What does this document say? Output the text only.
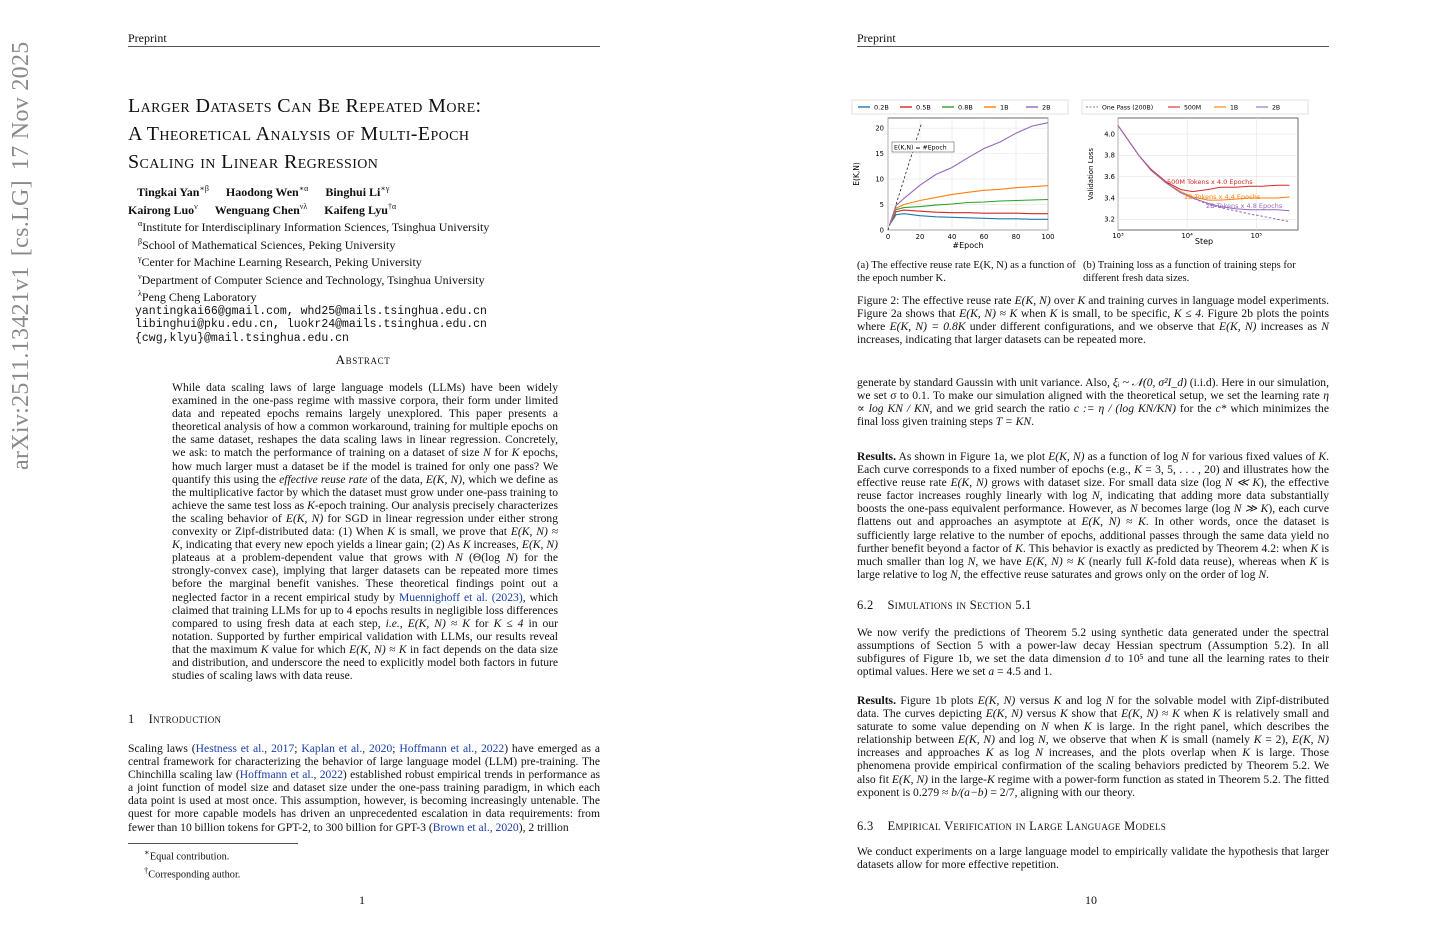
Preprint
arXiv:2511.13421v1[cs.LG]17 Nov 2025	Larger Datasets Can Be Repeated More:
A Theoretical Analysis of Multi-Epoch
Scaling in Linear Regression
Tingkai Yan$^{∗\beta}$ Haodong Wen$^{∗\alpha}$ Binghui $Li^{∗\gamma}$
Kairong Luo$^\nu$ Wenguang Chen$^{\nu\lambda}$ Kaifeng Lyu$^{\dagger\alpha}$
$^\alpha$Institute for Interdisciplinary Information Sciences, Tsinghua University
$^\beta$School of Mathematical Sciences, Peking University
$^\gamma$Center for Machine Learning Research, Peking University
$^\nu$Department of Computer Science and Technology, Tsinghua University
$^\lambda$Peng Cheng Laboratory
yantingkai66@gmail.com, whd25@mails.tsinghua.edu.cn
libinghui@pku.edu.cn, luokr24@mails.tsinghua.edu.cn
{cwg,klyu}@mail.tsinghua.edu.cn
Abstract
While data scaling laws of large language models (LLMs) have been widely examined in the one-pass regime with massive corpora, their form under limited data and repeated epochs remains largely unexplored. This paper presents a theoretical analysis of how a common workaround, training for multiple epochs on the same dataset, reshapes the data scaling laws in linear regression. Concretely, we ask: to match the performance of training on a dataset of size N for K epochs, how much larger must a dataset be if the model is trained for only one pass? We quantify this using the effective reuse rate of the data, E(K, N), which we define as the multiplicative factor by which the dataset must grow under one-pass training to achieve the same test loss as K-epoch training. Our analysis precisely characterizes the scaling behavior of E(K, N) for SGD in linear regression under either strong convexity or Zipf-distributed data: (1) When K is small, we prove that E(K, N) ≈ K, indicating that every new epoch yields a linear gain; (2) As K increases, E(K, N) plateaus at a problem-dependent value that grows with N (Θ(log N) for the strongly-convex case), implying that larger datasets can be repeated more times before the marginal benefit vanishes. These theoretical findings point out a neglected factor in a recent empirical study by Muennighoff et al. (2023), which claimed that training LLMs for up to 4 epochs results in negligible loss differences compared to using fresh data at each step, i.e., E(K, N) ≈ K for K ≤ 4 in our notation. Supported by further empirical validation with LLMs, our results reveal that the maximum K value for which E(K, N) ≈ K in fact depends on the data size and distribution, and underscore the need to explicitly model both factors in future studies of scaling laws with data reuse.
1 Introduction
Scaling laws (Hestness et al., 2017; Kaplan et al., 2020; Hoffmann et al., 2022) have emerged as a central framework for characterizing the behavior of large language model (LLM) pre-training. The Chinchilla scaling law (Hoffmann et al., 2022) established robust empirical trends in performance as a joint function of model size and dataset size under the one-pass training paradigm, in which each data point is used at most once. This assumption, however, is becoming increasingly untenable. The quest for more capable models has driven an unprecedented escalation in data requirements: from fewer than 10 billion tokens for GPT-2, to 300 billion for GPT-3 (Brown et al., 2020), 2 trillion
∗Equal contribution.
†Corresponding author.
1
Preprint
0.2B	0.5B	0.8B	1B	2B	One Pass (200B)	500M	1B	2B
0	20	40	60	80	100
0
5
10
15
20
#Epoch
E(K,N)
E(K,N) = #Epoch
10³	10⁴	10⁵
3.2
3.4
3.6
3.8
4.0
Step
Validation Loss	500M Tokens x 4.0 Epochs
1B Tokens x 4.4 Epochs
2B Tokens x 4.8 Epochs
(a) The effective reuse rate E(K, N) as a function of the epoch number K.
(b) Training loss as a function of training steps for different fresh data sizes.
Figure 2: The effective reuse rate E(K, N) over K and training curves in language model experiments. Figure 2a shows that E(K, N) ≈ K when K is small, to be specific, K ≤ 4. Figure 2b plots the points where E(K, N) = 0.8K under different configurations, and we observe that E(K, N) increases as N increases, indicating that larger datasets can be repeated more.
generate by standard Gaussin with unit variance. Also, ξᵢ ~ 𝒩(0, σ²I_d) (i.i.d). Here in our simulation, we set σ to 0.1. To make our simulation aligned with the theoretical setup, we set the learning rate η ∝ log KN / KN, and we grid search the ratio c := η / (log KN/KN) for the c* which minimizes the final loss given training steps T = KN.
Results. As shown in Figure 1a, we plot E(K, N) as a function of log N for various fixed values of K. Each curve corresponds to a fixed number of epochs (e.g., K = 3, 5, . . . , 20) and illustrates how the effective reuse rate E(K, N) grows with dataset size. For small data size (log N ≪ K), the effective reuse factor increases roughly linearly with log N, indicating that adding more data substantially boosts the one-pass equivalent performance. However, as N becomes large (log N ≫ K), each curve flattens out and approaches an asymptote at E(K, N) ≈ K. In other words, once the dataset is sufficiently large relative to the number of epochs, additional passes through the same data yield no further benefit beyond a factor of K. This behavior is exactly as predicted by Theorem 4.2: when K is much smaller than log N, we have E(K, N) ≈ K (nearly full K-fold data reuse), whereas when K is large relative to log N, the effective reuse saturates and grows only on the order of log N.
6.2 Simulations in Section 5.1
We now verify the predictions of Theorem 5.2 using synthetic data generated under the spectral assumptions of Section 5 with a power-law decay Hessian spectrum (Assumption 5.2). In all subfigures of Figure 1b, we set the data dimension d to 10⁵ and tune all the learning rates to their optimal values. Here we set a = 4.5 and 1.
Results. Figure 1b plots E(K, N) versus K and log N for the solvable model with Zipf-distributed data. The curves depicting E(K, N) versus K show that E(K, N) ≈ K when K is relatively small and saturate to some value depending on N when K is large. In the right panel, which describes the relationship between E(K, N) and log N, we observe that when K is small (namely K = 2), E(K, N) increases and approaches K as log N increases, and the plots overlap when K is large. Those phenomena provide empirical confirmation of the scaling behaviors predicted by Theorem 5.2. We also fit E(K, N) in the large-K regime with a power-form function as stated in Theorem 5.2. The fitted exponent is 0.279 ≈ b/(a−b) = 2/7, aligning with our theory.
6.3 Empirical Verification in Large Language Models
We conduct experiments on a large language model to empirically validate the hypothesis that larger datasets allow for more effective repetition.
10
